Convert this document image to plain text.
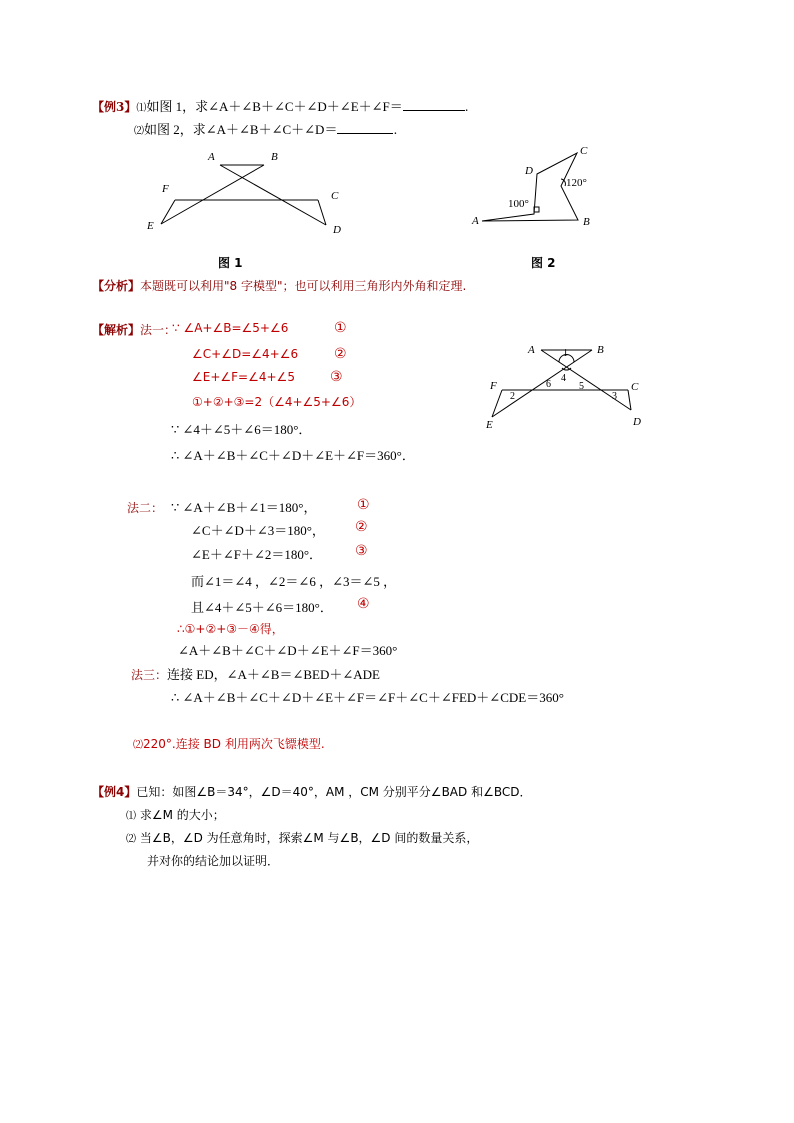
【例3】⑴如图 1，求∠A＋∠B＋∠C＋∠D＋∠E＋∠F＝	.
⑵如图 2，求∠A＋∠B＋∠C＋∠D＝	.
A	B
F
C
E	D
图 1
100°
120°
A	B
C
D
图 2
【分析】本题既可以利用"8 字模型"；也可以利用三角形内外角和定理.
【解析】法一：
∵ ∠A+∠B=∠5+∠6	①
∠C+∠D=∠4+∠6	②
∠E+∠F=∠4+∠5	③
①+②+③=2（∠4+∠5+∠6）
∵ ∠4＋∠5＋∠6＝180°．
∴ ∠A＋∠B＋∠C＋∠D＋∠E＋∠F＝360°．
A	B
F	C
E	D
1
4
6	5
2	3
法二： ∵ ∠A＋∠B＋∠1＝180°，	①
∠C＋∠D＋∠3＝180°， ②
∠E＋∠F＋∠2＝180°． ③
而∠1＝∠4 ，∠2＝∠6 ，∠3＝∠5 ，
且∠4＋∠5＋∠6＝180°． ④
∴①+②+③－④得，
∠A＋∠B＋∠C＋∠D＋∠E＋∠F＝360°
法三：连接 ED，∠A＋∠B＝∠BED＋∠ADE
∴ ∠A＋∠B＋∠C＋∠D＋∠E＋∠F＝∠F＋∠C＋∠FED＋∠CDE＝360°
⑵220°.连接 BD 利用两次飞镖模型.
【例4】已知：如图∠B＝34°，∠D＝40°，AM ，CM 分别平分∠BAD 和∠BCD．
⑴ 求∠M 的大小；
⑵ 当∠B，∠D 为任意角时，探索∠M 与∠B，∠D 间的数量关系，
并对你的结论加以证明．
